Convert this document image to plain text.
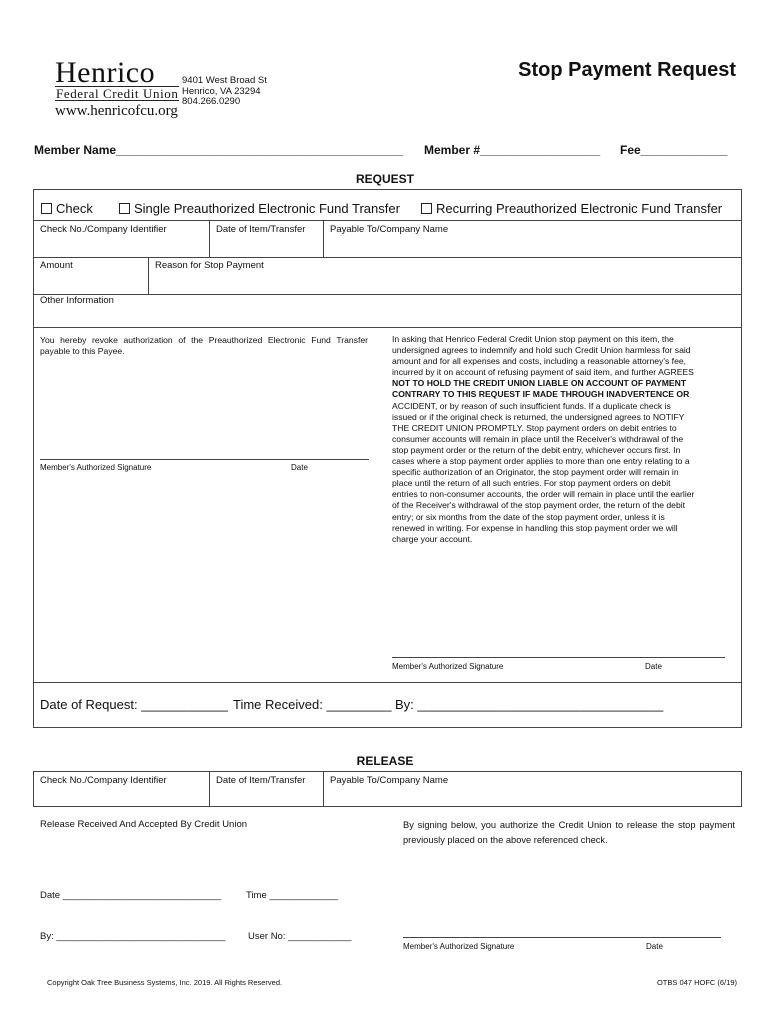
Henrico
Federal Credit Union
www.henricofcu.org
9401 West Broad St
Henrico, VA 23294
804.266.0290
Stop Payment Request
Member Name___________________________________________ Member #__________________ Fee_____________
REQUEST
Check	Single Preauthorized Electronic Fund Transfer	Recurring Preauthorized Electronic Fund Transfer
Check No./Company Identifier	Date of Item/Transfer	Payable To/Company Name
Amount	Reason for Stop Payment
Other Information
You hereby revoke authorization of the Preauthorized Electronic Fund Transfer payable to this Payee.
Member's Authorized Signature	Date
In asking that Henrico Federal Credit Union stop payment on this item, the
undersigned agrees to indemnify and hold such Credit Union harmless for said
amount and for all expenses and costs, including a reasonable attorney's fee,
incurred by it on account of refusing payment of said item, and further AGREES
NOT TO HOLD THE CREDIT UNION LIABLE ON ACCOUNT OF PAYMENT
CONTRARY TO THIS REQUEST IF MADE THROUGH INADVERTENCE OR
ACCIDENT, or by reason of such insufficient funds. If a duplicate check is
issued or if the original check is returned, the undersigned agrees to NOTIFY
THE CREDIT UNION PROMPTLY. Stop payment orders on debit entries to
consumer accounts will remain in place until the Receiver's withdrawal of the
stop payment order or the return of the debit entry, whichever occurs first. In
cases where a stop payment order applies to more than one entry relating to a
specific authorization of an Originator, the stop payment order will remain in
place until the return of all such entries. For stop payment orders on debit
entries to non-consumer accounts, the order will remain in place until the earlier
of the Receiver's withdrawal of the stop payment order, the return of the debit
entry; or six months from the date of the stop payment order, unless it is
renewed in writing. For expense in handling this stop payment order we will
charge your account.
Member's Authorized Signature	Date
Date of Request: ____________ Time Received: _________ By: __________________________________
RELEASE
Check No./Company Identifier	Date of Item/Transfer	Payable To/Company Name
Release Received And Accepted By Credit Union	By signing below, you authorize the Credit Union to release the stop payment previously placed on the above referenced check.
Date ______________________________	Time _____________
By: ________________________________ User No: ____________
Member's Authorized Signature	Date
Copyright Oak Tree Business Systems, Inc. 2019. All Rights Reserved.	OTBS 047 HOFC (6/19)
